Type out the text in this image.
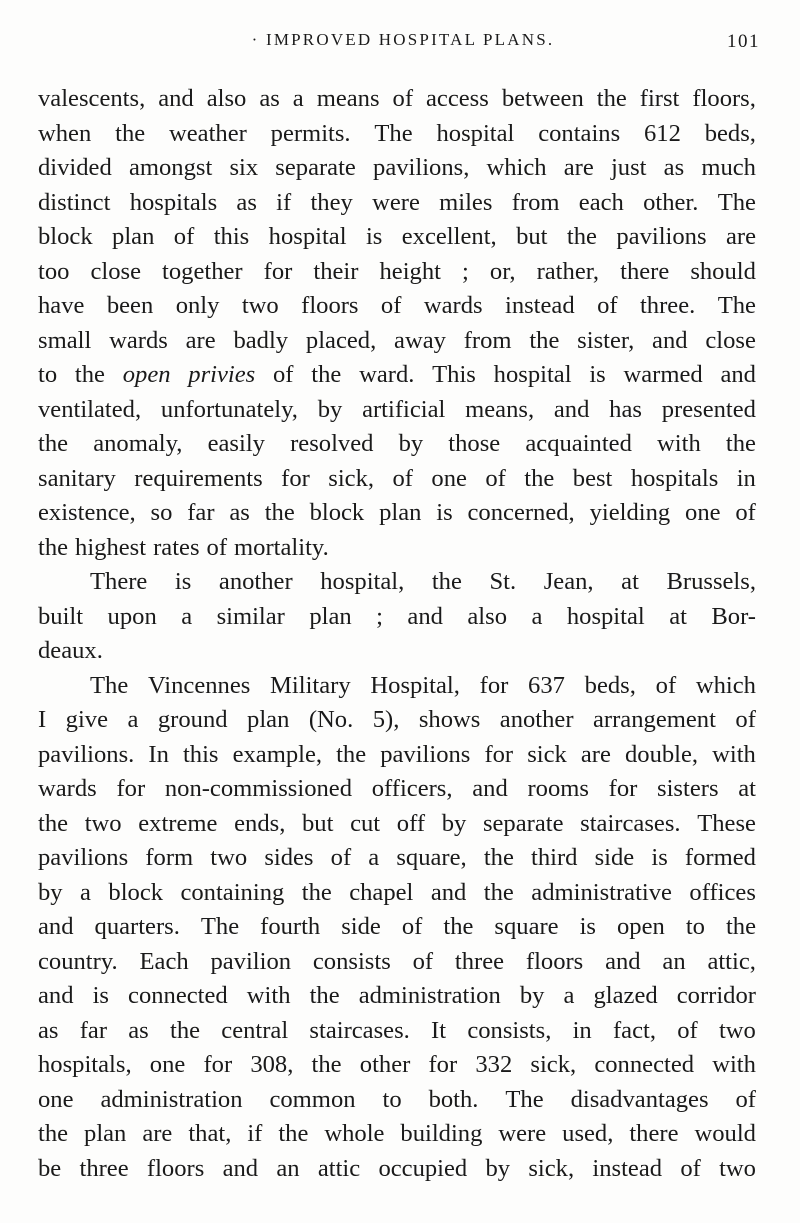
· IMPROVED HOSPITAL PLANS.	101
valescents, and also as a means of access between the first floors,
when the weather permits. The hospital contains 612 beds,
divided amongst six separate pavilions, which are just as much
distinct hospitals as if they were miles from each other. The
block plan of this hospital is excellent, but the pavilions are
too close together for their height ; or, rather, there should
have been only two floors of wards instead of three. The
small wards are badly placed, away from the sister, and close
to the open privies of the ward. This hospital is warmed and
ventilated, unfortunately, by artificial means, and has presented
the anomaly, easily resolved by those acquainted with the
sanitary requirements for sick, of one of the best hospitals in
existence, so far as the block plan is concerned, yielding one of
the highest rates of mortality.
There is another hospital, the St. Jean, at Brussels,
built upon a similar plan ; and also a hospital at Bor-
deaux.
The Vincennes Military Hospital, for 637 beds, of which
I give a ground plan (No. 5), shows another arrangement of
pavilions. In this example, the pavilions for sick are double, with
wards for non-commissioned officers, and rooms for sisters at
the two extreme ends, but cut off by separate staircases. These
pavilions form two sides of a square, the third side is formed
by a block containing the chapel and the administrative offices
and quarters. The fourth side of the square is open to the
country. Each pavilion consists of three floors and an attic,
and is connected with the administration by a glazed corridor
as far as the central staircases. It consists, in fact, of two
hospitals, one for 308, the other for 332 sick, connected with
one administration common to both. The disadvantages of
the plan are that, if the whole building were used, there would
be three floors and an attic occupied by sick, instead of two
